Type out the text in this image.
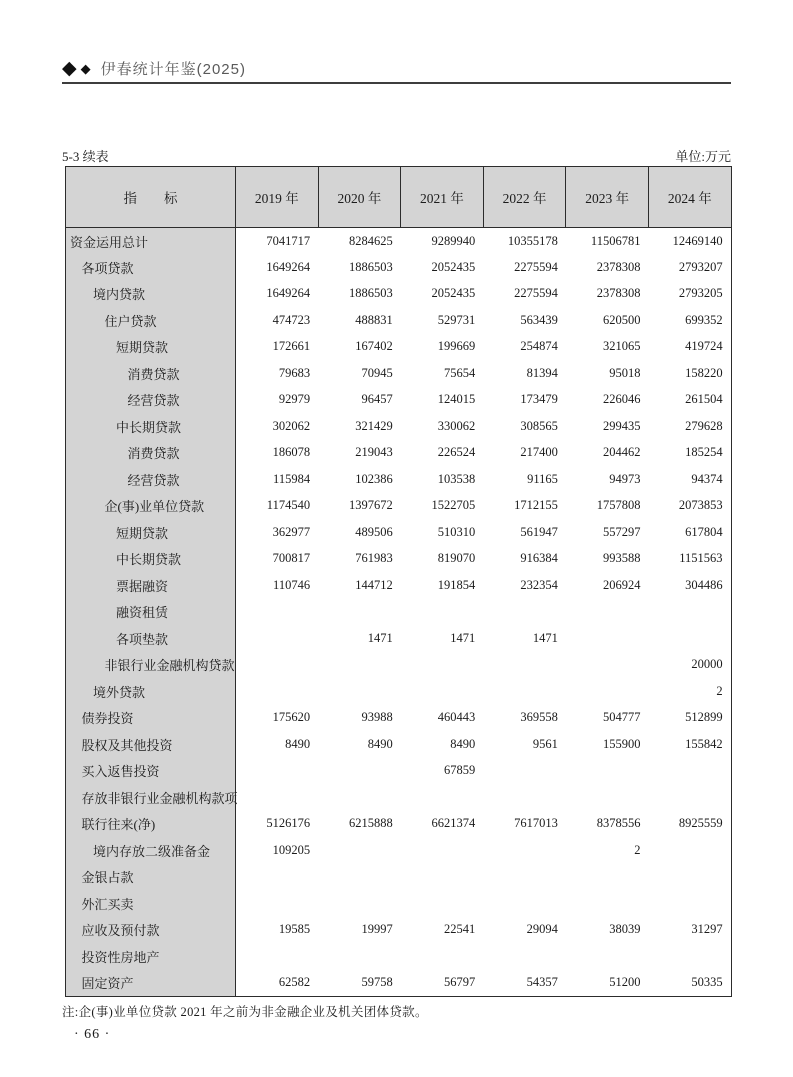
◆ ◆ 伊春统计年鉴(2025)
5-3 续表	单位:万元
指　　标	2019 年	2020 年	2021 年	2022 年	2023 年	2024 年
资金运用总计	7041717	8284625	9289940	10355178	11506781	12469140
各项贷款	1649264	1886503	2052435	2275594	2378308	2793207
境内贷款	1649264	1886503	2052435	2275594	2378308	2793205
住户贷款	474723	488831	529731	563439	620500	699352
短期贷款	172661	167402	199669	254874	321065	419724
消费贷款	79683	70945	75654	81394	95018	158220
经营贷款	92979	96457	124015	173479	226046	261504
中长期贷款	302062	321429	330062	308565	299435	279628
消费贷款	186078	219043	226524	217400	204462	185254
经营贷款	115984	102386	103538	91165	94973	94374
企(事)业单位贷款	1174540	1397672	1522705	1712155	1757808	2073853
短期贷款	362977	489506	510310	561947	557297	617804
中长期贷款	700817	761983	819070	916384	993588	1151563
票据融资	110746	144712	191854	232354	206924	304486
融资租赁						
各项垫款		1471	1471	1471		
非银行业金融机构贷款						20000
境外贷款						2
债券投资	175620	93988	460443	369558	504777	512899
股权及其他投资	8490	8490	8490	9561	155900	155842
买入返售投资			67859			
存放非银行业金融机构款项						
联行往来(净)	5126176	6215888	6621374	7617013	8378556	8925559
境内存放二级准备金	109205				2	
金银占款						
外汇买卖						
应收及预付款	19585	19997	22541	29094	38039	31297
投资性房地产						
固定资产	62582	59758	56797	54357	51200	50335
注:企(事)业单位贷款 2021 年之前为非金融企业及机关团体贷款。
· 66 ·
